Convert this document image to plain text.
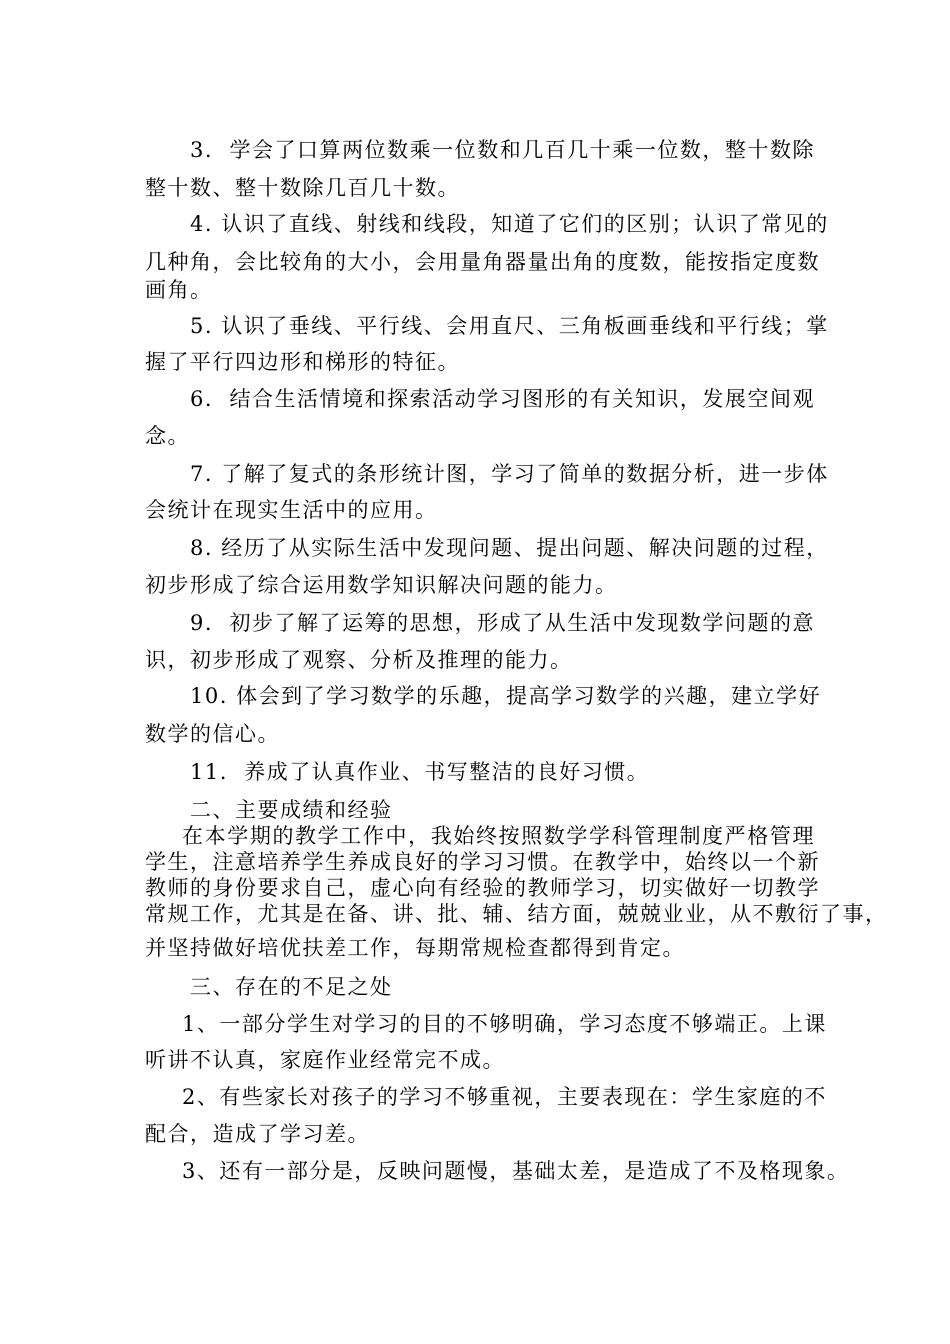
3. 学会了口算两位数乘一位数和几百几十乘一位数，整十数除
整十数、整十数除几百几十数。
4. 认识了直线、射线和线段，知道了它们的区别；认识了常见的
几种角，会比较角的大小，会用量角器量出角的度数，能按指定度数
画角。
5. 认识了垂线、平行线、会用直尺、三角板画垂线和平行线；掌
握了平行四边形和梯形的特征。
6. 结合生活情境和探索活动学习图形的有关知识，发展空间观
念。
7. 了解了复式的条形统计图，学习了简单的数据分析，进一步体
会统计在现实生活中的应用。
8. 经历了从实际生活中发现问题、提出问题、解决问题的过程，
初步形成了综合运用数学知识解决问题的能力。
9. 初步了解了运筹的思想，形成了从生活中发现数学问题的意
识，初步形成了观察、分析及推理的能力。
10. 体会到了学习数学的乐趣，提高学习数学的兴趣，建立学好
数学的信心。
11. 养成了认真作业、书写整洁的良好习惯。
二、主要成绩和经验
在本学期的教学工作中，我始终按照数学学科管理制度严格管理
学生，注意培养学生养成良好的学习习惯。在教学中，始终以一个新
教师的身份要求自己，虚心向有经验的教师学习，切实做好一切教学
常规工作，尤其是在备、讲、批、辅、结方面，兢兢业业，从不敷衍了事，
并坚持做好培优扶差工作，每期常规检查都得到肯定。
三、存在的不足之处
1、一部分学生对学习的目的不够明确，学习态度不够端正。上课
听讲不认真，家庭作业经常完不成。
2、有些家长对孩子的学习不够重视，主要表现在：学生家庭的不
配合，造成了学习差。
3、还有一部分是，反映问题慢，基础太差，是造成了不及格现象。
